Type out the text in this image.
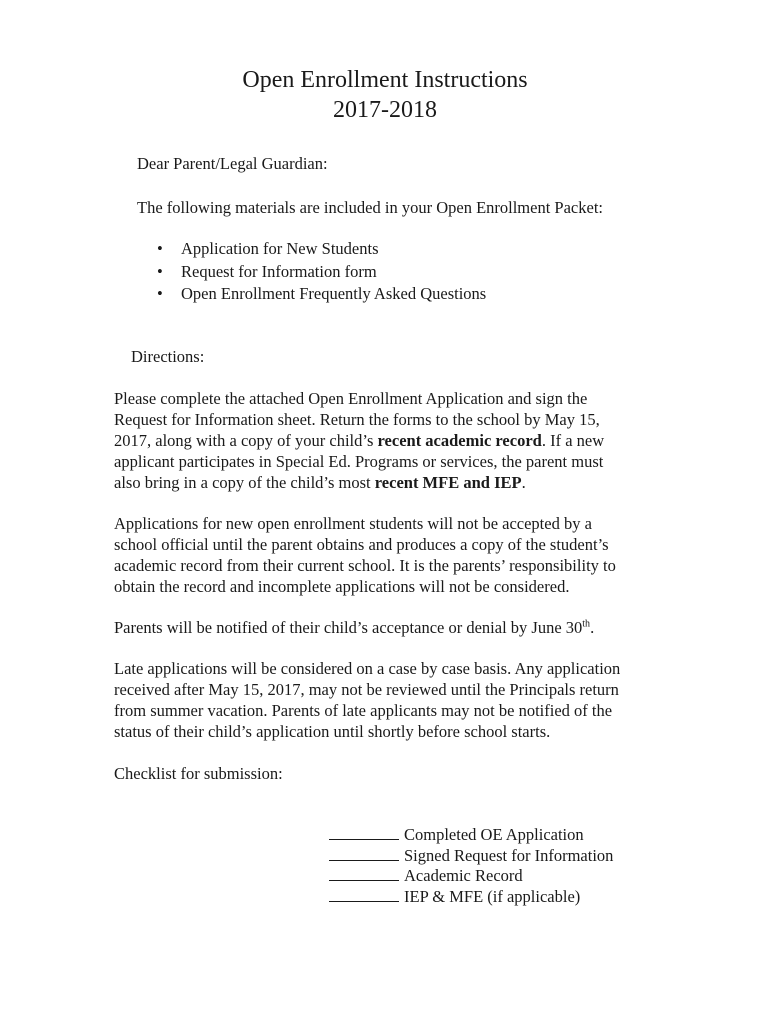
Open Enrollment Instructions
2017-2018

Dear Parent/Legal Guardian:

The following materials are included in your Open Enrollment Packet:

• Application for New Students
• Request for Information form
• Open Enrollment Frequently Asked Questions

Directions:

Please complete the attached Open Enrollment Application and sign the
Request for Information sheet. Return the forms to the school by May 15,
2017, along with a copy of your child’s recent academic record. If a new
applicant participates in Special Ed. Programs or services, the parent must
also bring in a copy of the child’s most recent MFE and IEP.

Applications for new open enrollment students will not be accepted by a
school official until the parent obtains and produces a copy of the student’s
academic record from their current school. It is the parents’ responsibility to
obtain the record and incomplete applications will not be considered.

Parents will be notified of their child’s acceptance or denial by June 30th.

Late applications will be considered on a case by case basis. Any application
received after May 15, 2017, may not be reviewed until the Principals return
from summer vacation. Parents of late applicants may not be notified of the
status of their child’s application until shortly before school starts.

Checklist for submission:

Completed OE Application
Signed Request for Information
Academic Record
IEP & MFE (if applicable)
